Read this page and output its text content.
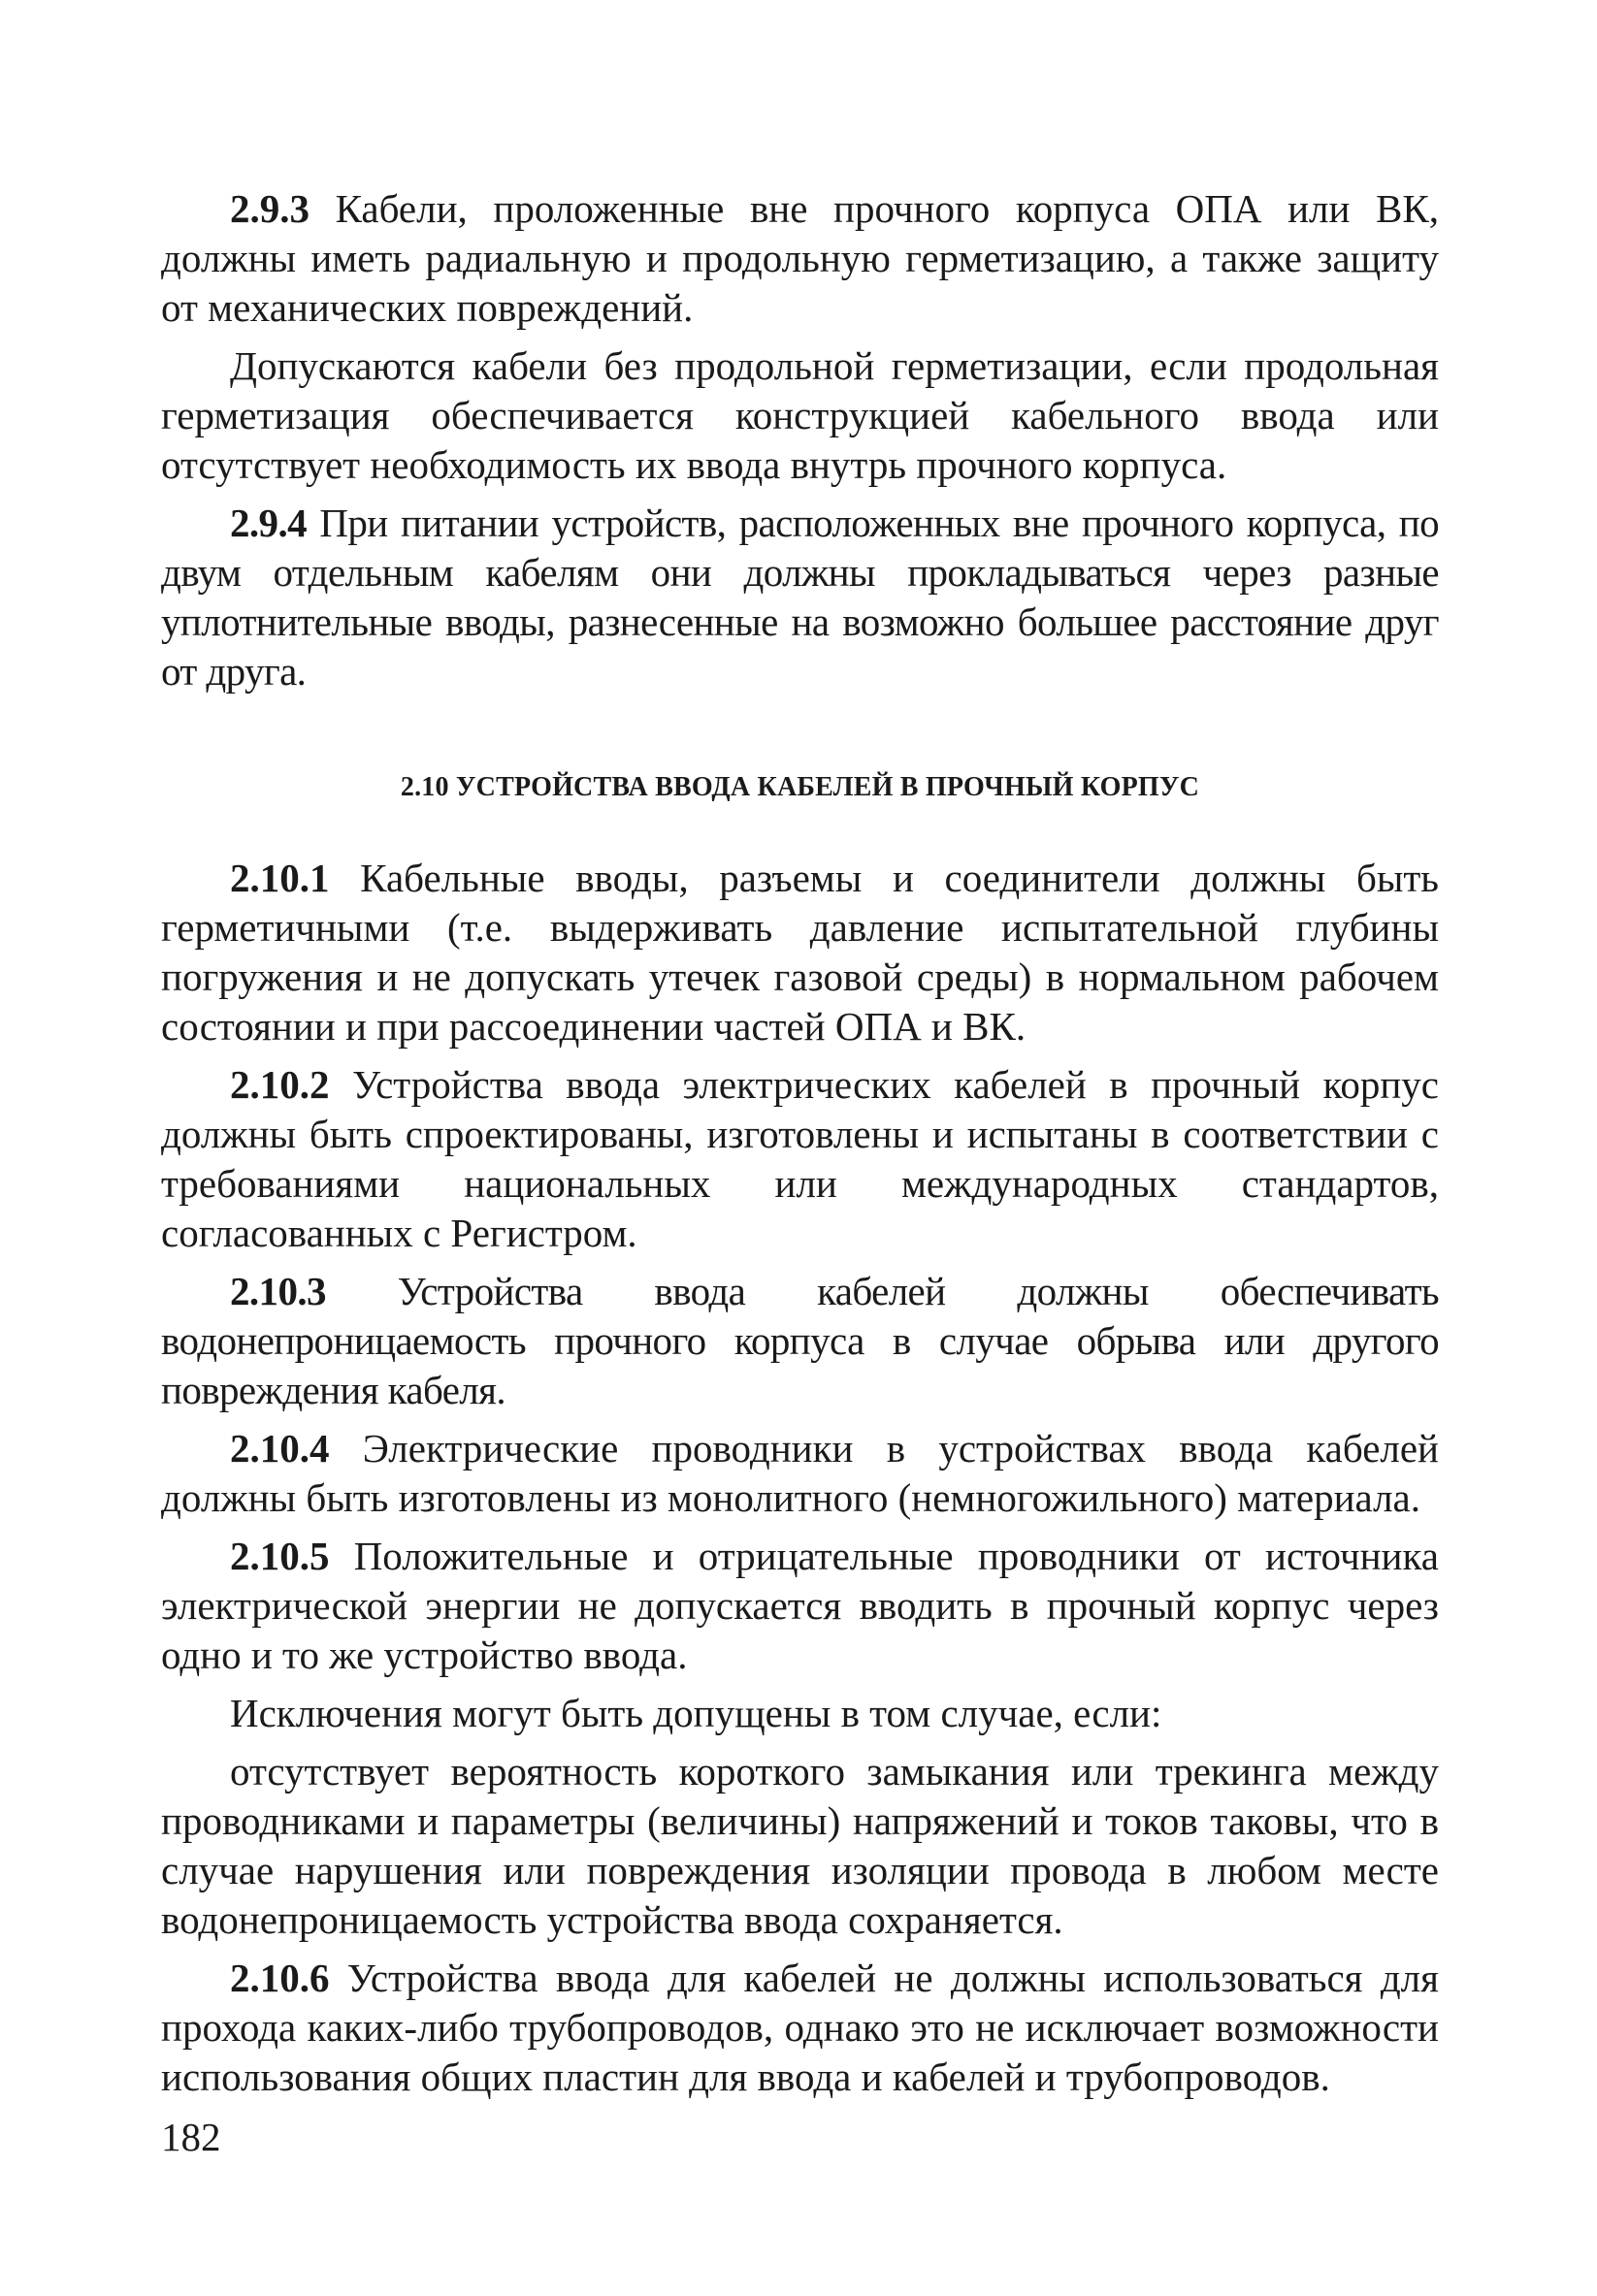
2.9.3 Кабели, проложенные вне прочного корпуса ОПА или ВК, должны иметь радиальную и продольную герметизацию, а также защиту от механических повреждений.

Допускаются кабели без продольной герметизации, если продольная герметизация обеспечивается конструкцией кабельного ввода или отсутствует необходимость их ввода внутрь прочного корпуса.

2.9.4 При питании устройств, расположенных вне прочного корпуса, по двум отдельным кабелям они должны прокладываться через разные уплотнительные вводы, разнесенные на возможно большее расстояние друг от друга.

2.10 УСТРОЙСТВА ВВОДА КАБЕЛЕЙ В ПРОЧНЫЙ КОРПУС

2.10.1 Кабельные вводы, разъемы и соединители должны быть герметичными (т.е. выдерживать давление испытательной глубины погружения и не допускать утечек газовой среды) в нормальном рабочем состоянии и при рассоединении частей ОПА и ВК.

2.10.2 Устройства ввода электрических кабелей в прочный корпус должны быть спроектированы, изготовлены и испытаны в соответствии с требованиями национальных или международных стандартов, согласованных с Регистром.

2.10.3 Устройства ввода кабелей должны обеспечивать водонепроницаемость прочного корпуса в случае обрыва или другого повреждения кабеля.

2.10.4 Электрические проводники в устройствах ввода кабелей должны быть изготовлены из монолитного (немногожильного) материала.

2.10.5 Положительные и отрицательные проводники от источника электрической энергии не допускается вводить в прочный корпус через одно и то же устройство ввода.

Исключения могут быть допущены в том случае, если:

отсутствует вероятность короткого замыкания или трекинга между проводниками и параметры (величины) напряжений и токов таковы, что в случае нарушения или повреждения изоляции провода в любом месте водонепроницаемость устройства ввода сохраняется.

2.10.6 Устройства ввода для кабелей не должны использоваться для прохода каких-либо трубопроводов, однако это не исключает возможности использования общих пластин для ввода и кабелей и трубопроводов.

182
